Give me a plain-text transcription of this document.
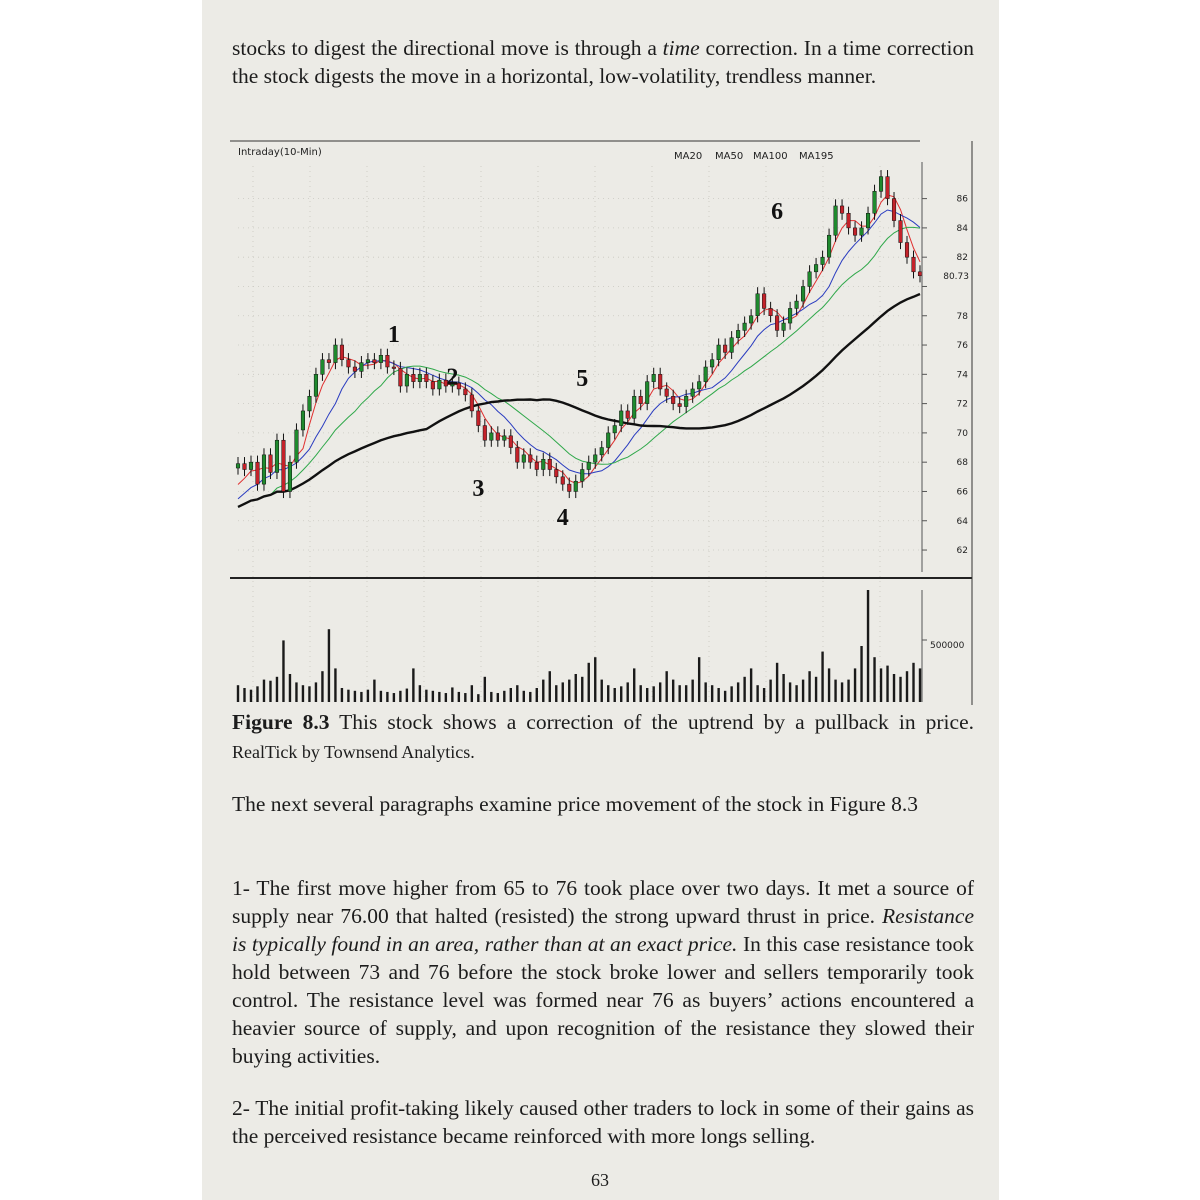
stocks to digest the directional move is through a time correction. In a time correction the stock digests the move in a horizontal, low-volatility, trendless manner.

62
64
66
68
70
72
74
76
78
82
84
86
80.73
1
2
3
4
5
6
Intraday(10-Min)	MA20 MA50 MA100 MA195
500000

Figure 8.3 This stock shows a correction of the uptrend by a pullback in price. RealTick by Townsend Analytics.

The next several paragraphs examine price movement of the stock in Figure 8.3

1- The first move higher from 65 to 76 took place over two days. It met a source of supply near 76.00 that halted (resisted) the strong upward thrust in price. Resistance is typically found in an area, rather than at an exact price. In this case resistance took hold between 73 and 76 before the stock broke lower and sellers temporarily took control. The resistance level was formed near 76 as buyers’ actions encountered a heavier source of supply, and upon recognition of the resistance they slowed their buying activities.

2- The initial profit-taking likely caused other traders to lock in some of their gains as the perceived resistance became reinforced with more longs selling.

63
